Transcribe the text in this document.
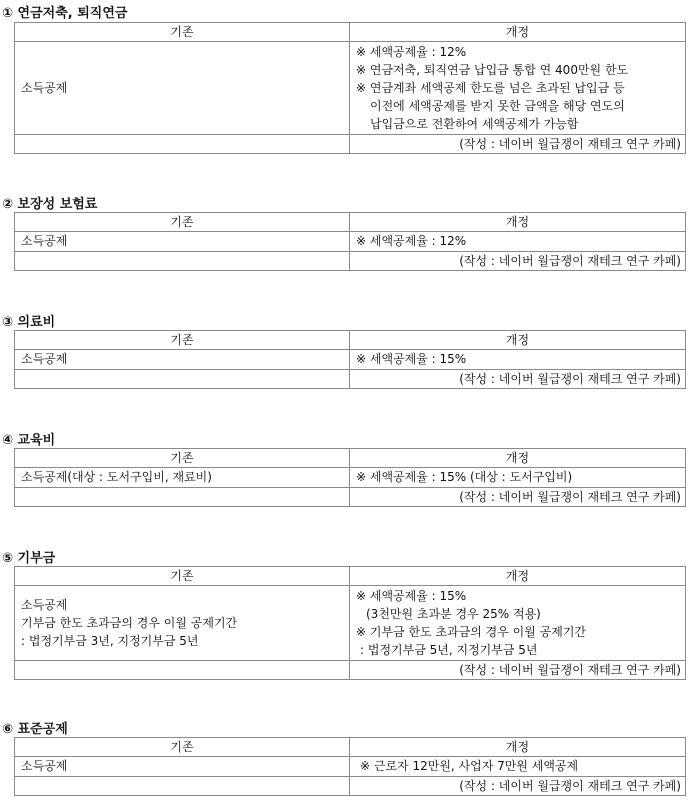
① 연금저축, 퇴직연금
기존	개정

소득공제	※ 세액공제율 : 12%
※ 연금저축, 퇴직연금 납입금 통합 연 400만원 한도
※ 연금계좌 세액공제 한도를 넘은 초과된 납입금 등
이전에 세액공제를 받지 못한 금액을 해당 연도의
납입금으로 전환하여 세액공제가 가능함

	(작성 : 네이버 월급쟁이 재테크 연구 카페)
② 보장성 보험료
기존	개정

소득공제	※ 세액공제율 : 12%

	(작성 : 네이버 월급쟁이 재테크 연구 카페)
③ 의료비
기존	개정

소득공제	※ 세액공제율 : 15%

	(작성 : 네이버 월급쟁이 재테크 연구 카페)
④ 교육비
기존	개정

소득공제(대상 : 도서구입비, 재료비)	※ 세액공제율 : 15% (대상 : 도서구입비)

	(작성 : 네이버 월급쟁이 재테크 연구 카페)
⑤ 기부금
기존	개정

소득공제
기부금 한도 초과금의 경우 이월 공제기간
: 법정기부금 3년, 지정기부금 5년	※ 세액공제율 : 15%
(3천만원 초과분 경우 25% 적용)
※ 기부금 한도 초과금의 경우 이월 공제기간
: 법정기부금 5년, 지정기부금 5년

	(작성 : 네이버 월급쟁이 재테크 연구 카페)
⑥ 표준공제
기존	개정

소득공제	※ 근로자 12만원, 사업자 7만원 세액공제

	(작성 : 네이버 월급쟁이 재테크 연구 카페)
